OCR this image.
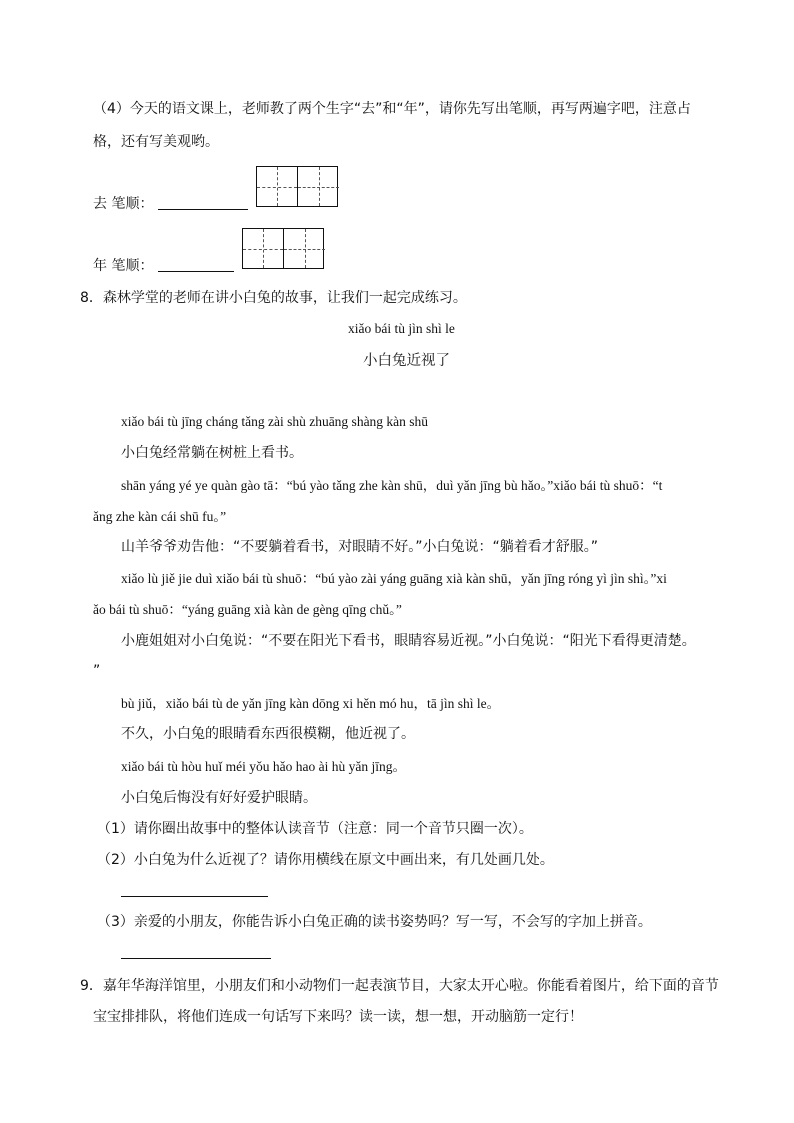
（4）今天的语文课上，老师教了两个生字“去”和“年”，请你先写出笔顺，再写两遍字吧，注意占
格，还有写美观哟。
去 笔顺：
年 笔顺：
8．森林学堂的老师在讲小白兔的故事，让我们一起完成练习。
xiǎo bái tù jìn shì le
小白兔近视了
xiǎo bái tù jīng cháng tǎng zài shù zhuāng shàng kàn shū
小白兔经常躺在树桩上看书。
shān yáng yé ye quàn gào tā：“bú yào tǎng zhe kàn shū，duì yǎn jīng bù hǎo。”xiǎo bái tù shuō：“t
ǎng zhe kàn cái shū fu。”
山羊爷爷劝告他：“不要躺着看书，对眼睛不好。”小白兔说：“躺着看才舒服。”
xiǎo lù jiě jie duì xiǎo bái tù shuō：“bú yào zài yáng guāng xià kàn shū，yǎn jīng róng yì jìn shì。”xi
ǎo bái tù shuō：“yáng guāng xià kàn de gèng qīng chǔ。”
小鹿姐姐对小白兔说：“不要在阳光下看书，眼睛容易近视。”小白兔说：“阳光下看得更清楚。
”
bù jiǔ，xiǎo bái tù de yǎn jīng kàn dōng xi hěn mó hu，tā jìn shì le。
不久，小白兔的眼睛看东西很模糊，他近视了。
xiǎo bái tù hòu huǐ méi yǒu hǎo hao ài hù yǎn jīng。
小白兔后悔没有好好爱护眼睛。
（1）请你圈出故事中的整体认读音节（注意：同一个音节只圈一次）。
（2）小白兔为什么近视了？请你用横线在原文中画出来，有几处画几处。
（3）亲爱的小朋友，你能告诉小白兔正确的读书姿势吗？写一写，不会写的字加上拼音。
9．嘉年华海洋馆里，小朋友们和小动物们一起表演节目，大家太开心啦。你能看着图片，给下面的音节
宝宝排排队，将他们连成一句话写下来吗？读一读，想一想，开动脑筋一定行！
